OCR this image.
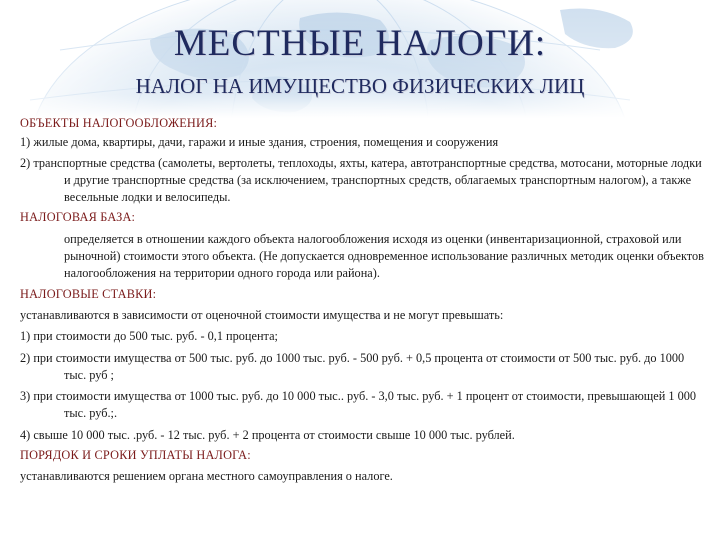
МЕСТНЫЕ НАЛОГИ:
НАЛОГ НА ИМУЩЕСТВО ФИЗИЧЕСКИХ ЛИЦ

ОБЪЕКТЫ НАЛОГООБЛОЖЕНИЯ:

1) жилые дома, квартиры, дачи, гаражи и иные здания, строения, помещения и сооружения

2) транспортные средства (самолеты, вертолеты, теплоходы, яхты, катера, автотранспортные средства, мотосани, моторные лодки и другие транспортные средства (за исключением, транспортных средств, облагаемых транспортным налогом), а также весельные лодки и велосипеды.

НАЛОГОВАЯ БАЗА:

определяется в отношении каждого объекта налогообложения исходя из оценки (инвентаризационной, страховой или рыночной) стоимости этого объекта. (Не допускается одновременное использование различных методик оценки объектов налогообложения на территории одного города или района).

НАЛОГОВЫЕ СТАВКИ:

устанавливаются в зависимости от оценочной стоимости имущества и не могут превышать:

1) при стоимости до 500 тыс. руб. - 0,1 процента;

2) при стоимости имущества от 500 тыс. руб. до 1000 тыс. руб. - 500 руб. + 0,5 процента от стоимости от 500 тыс. руб. до 1000 тыс. руб ;

3) при стоимости имущества от 1000 тыс. руб. до 10 000 тыс.. руб. - 3,0 тыс. руб. + 1 процент от стоимости, превышающей 1 000 тыс. руб.;.

4) свыше 10 000 тыс. .руб. - 12 тыс. руб. + 2 процента от стоимости свыше 10 000 тыс. рублей.

ПОРЯДОК И СРОКИ УПЛАТЫ НАЛОГА:

устанавливаются решением органа местного самоуправления о налоге.
